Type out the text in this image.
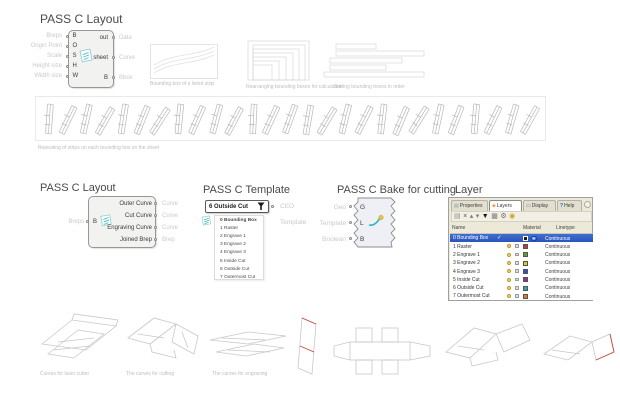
PASS C Layout
Breps
Origin Point
Scale
Height size
Width size
B
O
S
H
W
out
sheet
B
Data
Curve
Bbox
Bounding box of a listed strip	Rearranging bounding boxes for calculation
Sorting bounding boxes in order
Repeating of strips on each bounding box on the sheet
PASS C Layout
Breps B
Outer Curve
Cut Curve
Engraving Curve
Joined Brep
Curve
Curve
Curve
Brep
PASS C Template
6 Outside Cut	CEO
Template
0 Bounding Box
1 Raster
2 Engrave 1
3 Engrave 2
4 Engrave 3
5 Inside Cut
6 Outside Cut
7 Outermost Cut
PASS C Bake for cutting
Geo
Template
Boolean
G
L
B
Layer
▤ Properties ◈ Layers	▭ Display ? Help
▤ × ▴ ▾ ▼ ▦ ⚙ ◉
Name	Material	Linetype
0 Bounding Box ✓	Continuous
1 Raster	Continuous
2 Engrave 1	Continuous
3 Engrave 2	Continuous
4 Engrave 3	Continuous
5 Inside Cut	Continuous
6 Outside Cut	Continuous
7 Outermost Cut	Continuous
Curves for laser cutter	The curves for cutting	The curves for engraving
